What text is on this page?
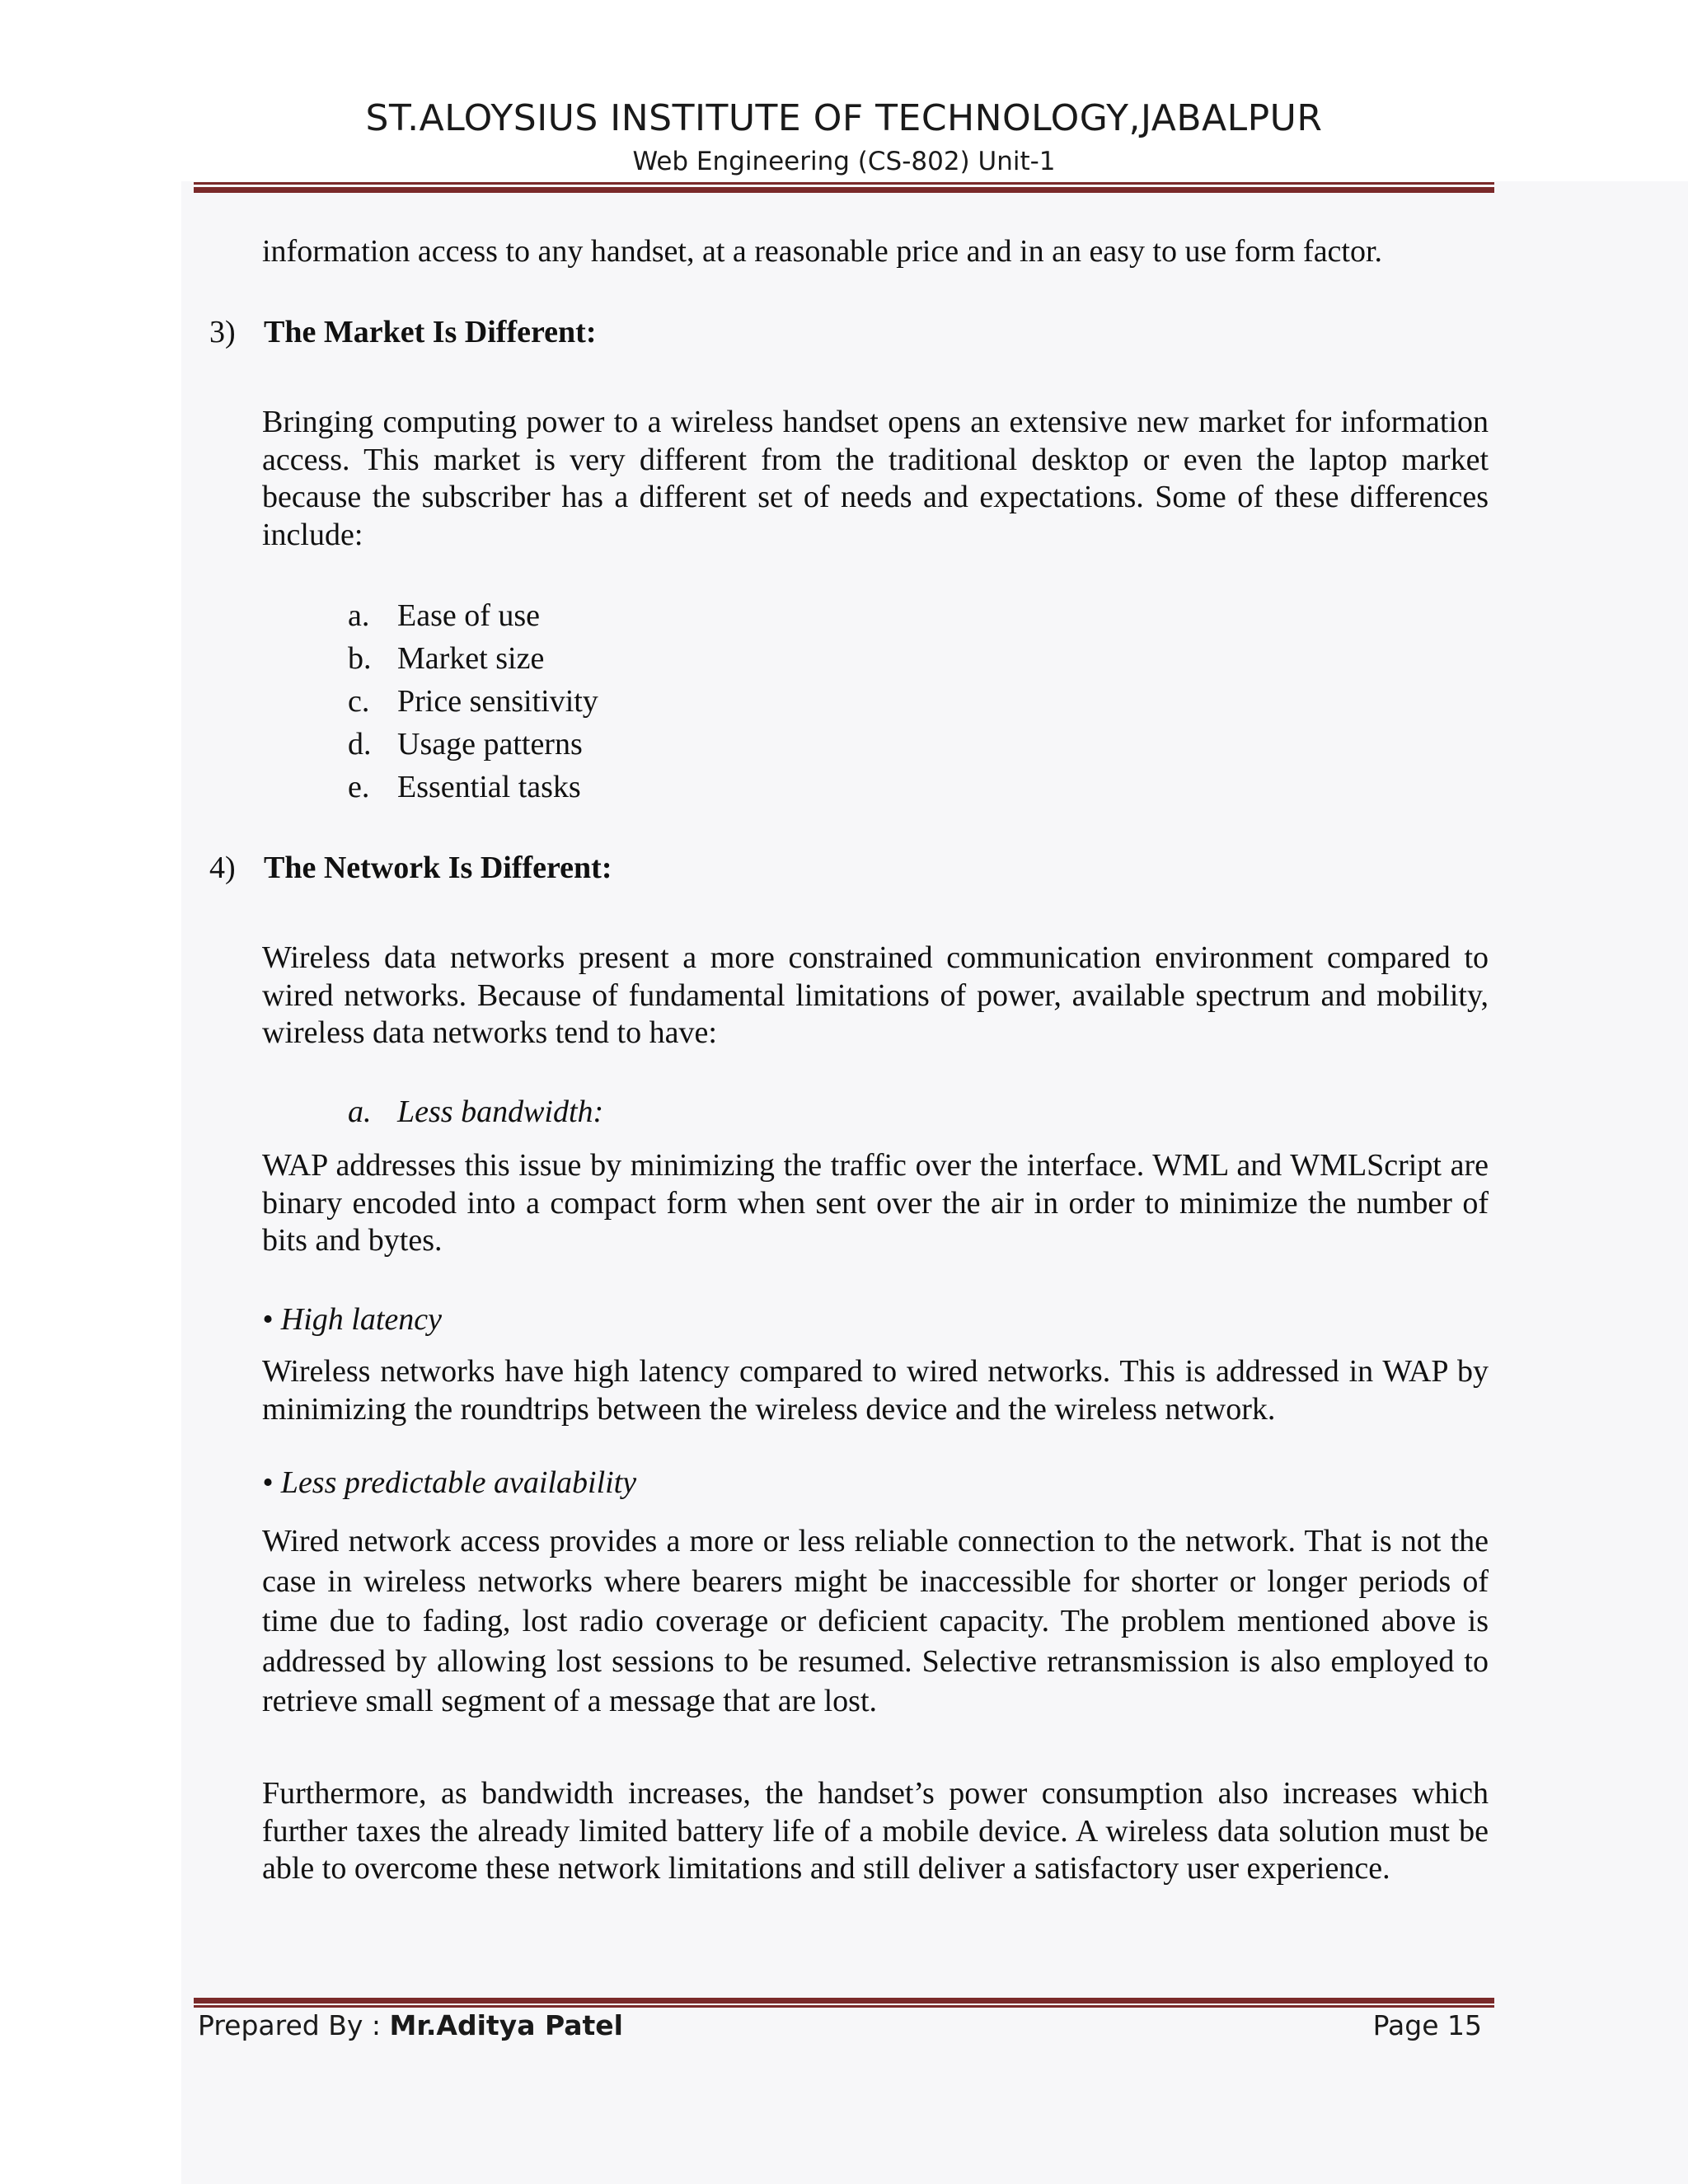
ST.ALOYSIUS INSTITUTE OF TECHNOLOGY,JABALPUR
Web Engineering (CS-802) Unit-1
information access to any handset, at a reasonable price and in an easy to use form factor.
3) The Market Is Different:
Bringing computing power to a wireless handset opens an extensive new market for information access. This market is very different from the traditional desktop or even the laptop market because the subscriber has a different set of needs and expectations. Some of these differences include:
a. Ease of use
b. Market size
c. Price sensitivity
d. Usage patterns
e. Essential tasks
4) The Network Is Different:
Wireless data networks present a more constrained communication environment compared to wired networks. Because of fundamental limitations of power, available spectrum and mobility, wireless data networks tend to have:
a. Less bandwidth:
WAP addresses this issue by minimizing the traffic over the interface. WML and WMLScript are binary encoded into a compact form when sent over the air in order to minimize the number of bits and bytes.
• High latency
Wireless networks have high latency compared to wired networks. This is addressed in WAP by minimizing the roundtrips between the wireless device and the wireless network.
• Less predictable availability
Wired network access provides a more or less reliable connection to the network. That is not the case in wireless networks where bearers might be inaccessible for shorter or longer periods of time due to fading, lost radio coverage or deficient capacity. The problem mentioned above is addressed by allowing lost sessions to be resumed. Selective retransmission is also employed to retrieve small segment of a message that are lost.
Furthermore, as bandwidth increases, the handset’s power consumption also increases which further taxes the already limited battery life of a mobile device. A wireless data solution must be able to overcome these network limitations and still deliver a satisfactory user experience.
Prepared By : Mr.Aditya Patel	Page 15
